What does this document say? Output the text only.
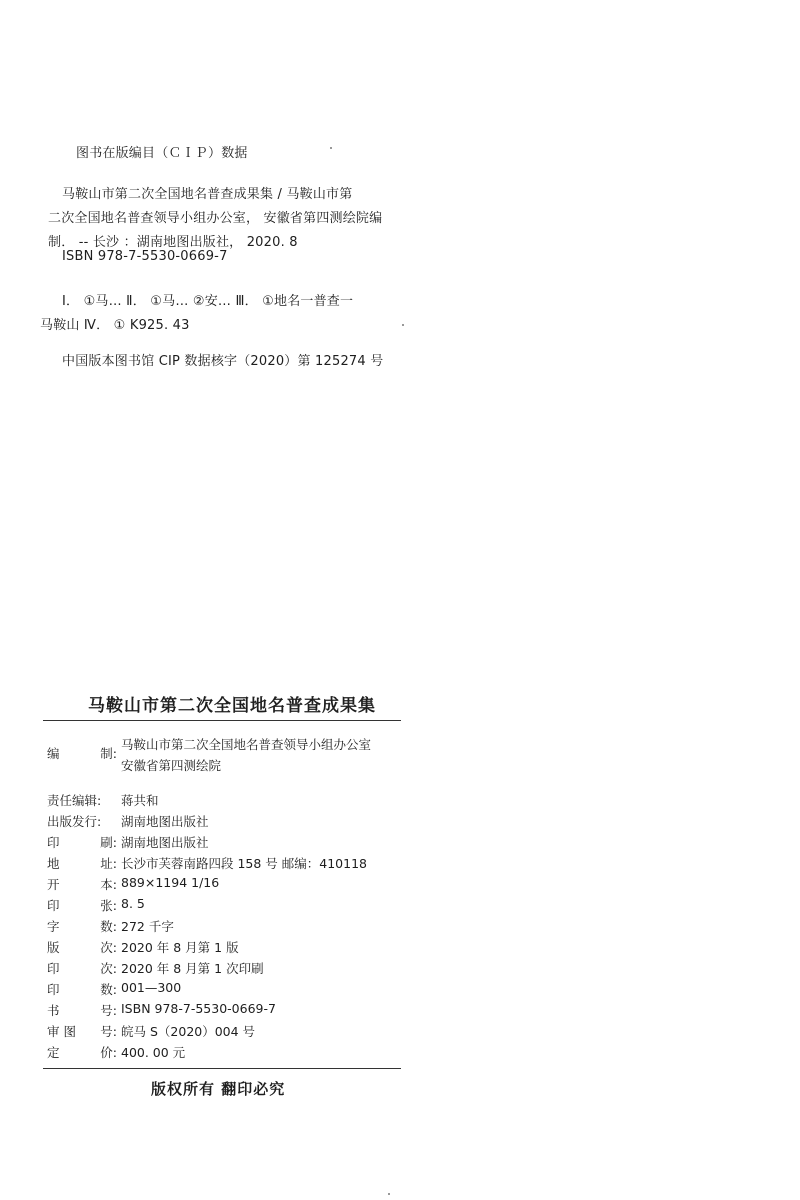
图书在版编目（ＣＩＰ）数据
马鞍山市第二次全国地名普查成果集 / 马鞍山市第
二次全国地名普查领导小组办公室， 安徽省第四测绘院编
制． -- 长沙 ：湖南地图出版社， 2020. 8
ISBN 978-7-5530-0669-7
Ⅰ． ①马… Ⅱ． ①马… ②安… Ⅲ． ①地名一普查一
马鞍山 Ⅳ． ① K925. 43
中国版本图书馆 CIP 数据核字（2020）第 125274 号
马鞍山市第二次全国地名普查成果集
编	制:
马鞍山市第二次全国地名普查领导小组办公室
安徽省第四测绘院
责任编辑: 蒋共和
出版发行: 湖南地图出版社
印	刷: 湖南地图出版社
地	址: 长沙市芙蓉南路四段 158 号 邮编：410118
开	本: 889×1194 1/16
印	张: 8. 5
字	数: 272 千字
版	次: 2020 年 8 月第 1 版
印	次: 2020 年 8 月第 1 次印刷
印	数: 001—300
书	号: ISBN 978-7-5530-0669-7
审 图 号: 皖马 S（2020）004 号
定	价: 400. 00 元
版权所有 翻印必究
